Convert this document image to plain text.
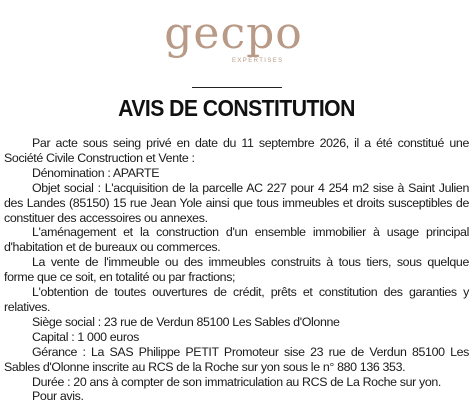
gecpo
EXPERTISES
AVIS DE CONSTITUTION

Par acte sous seing privé en date du 11 septembre 2026, il a été constitué une Société Civile Construction et Vente :

Dénomination : APARTE

Objet social : L'acquisition de la parcelle AC 227 pour 4 254 m2 sise à Saint Julien des Landes (85150) 15 rue Jean Yole ainsi que tous immeubles et droits susceptibles de constituer des accessoires ou annexes.

L'aménagement et la construction d'un ensemble immobilier à usage principal d'habitation et de bureaux ou commerces.

La vente de l'immeuble ou des immeubles construits à tous tiers, sous quelque forme que ce soit, en totalité ou par fractions;

L'obtention de toutes ouvertures de crédit, prêts et constitution des garanties y relatives.

Siège social : 23 rue de Verdun 85100 Les Sables d'Olonne

Capital : 1 000 euros

Gérance : La SAS Philippe PETIT Promoteur sise 23 rue de Verdun 85100 Les Sables d'Olonne inscrite au RCS de la Roche sur yon sous le n° 880 136 353.

Durée : 20 ans à compter de son immatriculation au RCS de La Roche sur yon.

Pour avis.
